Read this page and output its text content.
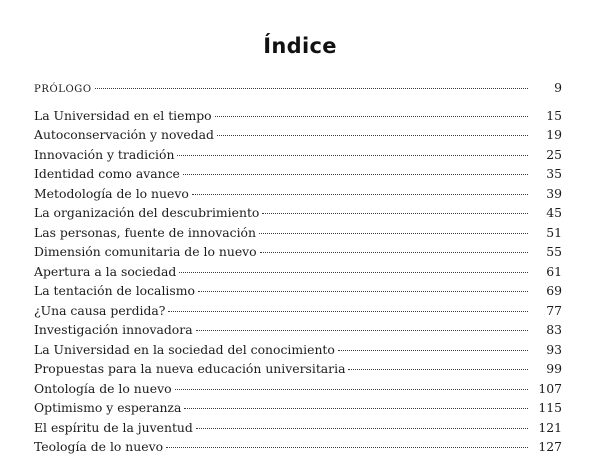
Índice
PRÓLOGO	9
La Universidad en el tiempo	15
Autoconservación y novedad	19
Innovación y tradición	25
Identidad como avance	35
Metodología de lo nuevo	39
La organización del descubrimiento	45
Las personas, fuente de innovación	51
Dimensión comunitaria de lo nuevo	55
Apertura a la sociedad	61
La tentación de localismo	69
¿Una causa perdida?	77
Investigación innovadora	83
La Universidad en la sociedad del conocimiento	93
Propuestas para la nueva educación universitaria	99
Ontología de lo nuevo	107
Optimismo y esperanza	115
El espíritu de la juventud	121
Teología de lo nuevo	127
